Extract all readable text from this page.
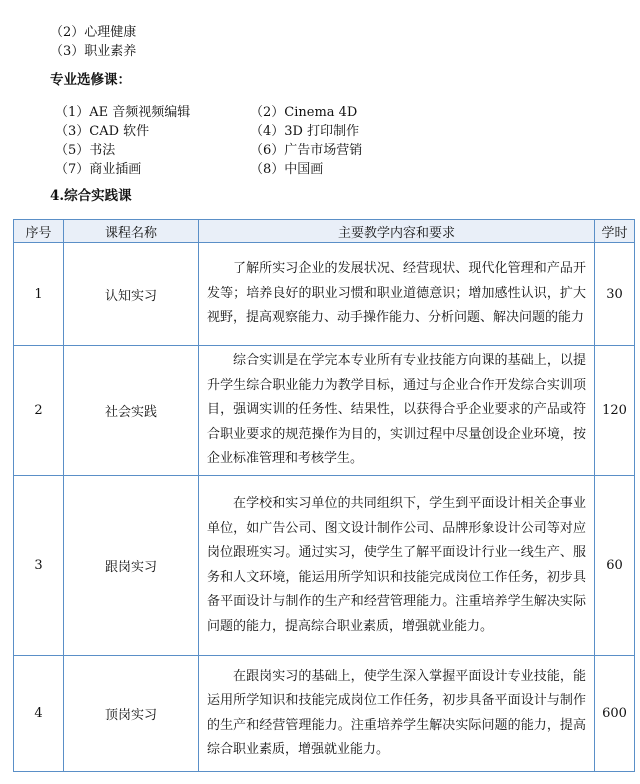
（2）心理健康
（3）职业素养
专业选修课：
（1）AE 音频视频编辑	（2）Cinema 4D
（3）CAD 软件	（4）3D 打印制作
（5）书法	（6）广告市场营销
（7）商业插画	（8）中国画
4.综合实践课
序号	课程名称	主要教学内容和要求	学时
1	认知实习	了解所实习企业的发展状况、经营现状、现代化管理和产品开发等；培养良好的职业习惯和职业道德意识；增加感性认识，扩大视野，提高观察能力、动手操作能力、分析问题、解决问题的能力	30
2	社会实践	综合实训是在学完本专业所有专业技能方向课的基础上，以提升学生综合职业能力为教学目标，通过与企业合作开发综合实训项目，强调实训的任务性、结果性，以获得合乎企业要求的产品或符合职业要求的规范操作为目的，实训过程中尽量创设企业环境，按企业标准管理和考核学生。	120
3	跟岗实习	在学校和实习单位的共同组织下，学生到平面设计相关企事业单位，如广告公司、图文设计制作公司、品牌形象设计公司等对应岗位跟班实习。通过实习，使学生了解平面设计行业一线生产、服务和人文环境，能运用所学知识和技能完成岗位工作任务，初步具备平面设计与制作的生产和经营管理能力。注重培养学生解决实际问题的能力，提高综合职业素质，增强就业能力。	60
4	顶岗实习	在跟岗实习的基础上，使学生深入掌握平面设计专业技能，能运用所学知识和技能完成岗位工作任务，初步具备平面设计与制作的生产和经营管理能力。注重培养学生解决实际问题的能力，提高综合职业素质，增强就业能力。	600
